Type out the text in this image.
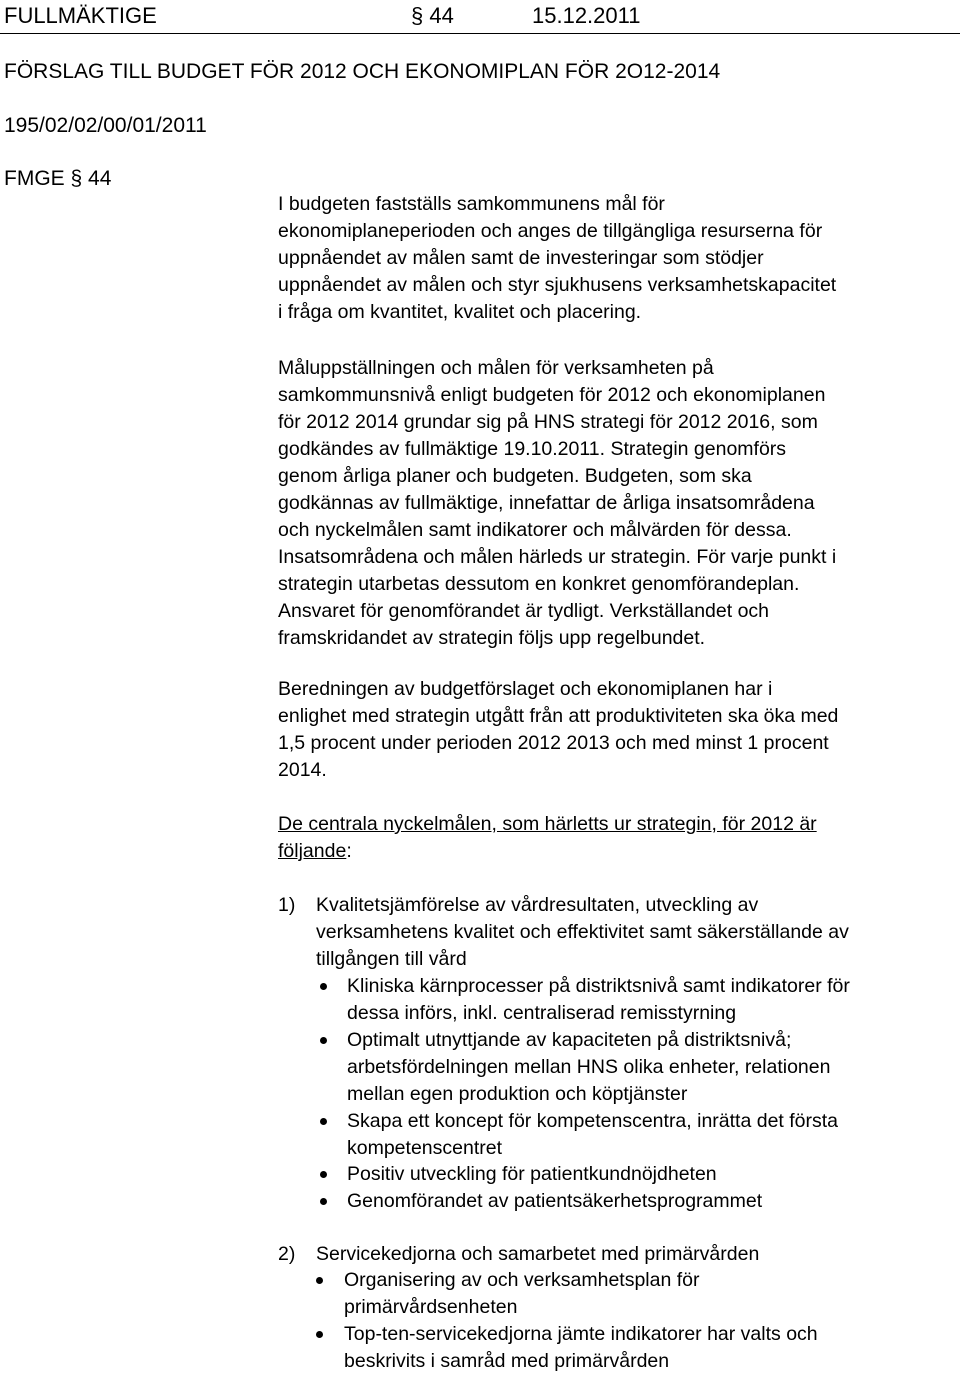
FULLMÄKTIGE	§ 44	15.12.2011
FÖRSLAG TILL BUDGET FÖR 2012 OCH EKONOMIPLAN FÖR 2O12-2014
195/02/02/00/01/2011
FMGE § 44
I budgeten fastställs samkommunens mål för
ekonomiplaneperioden och anges de tillgängliga resurserna för
uppnåendet av målen samt de investeringar som stödjer
uppnåendet av målen och styr sjukhusens verksamhetskapacitet
i fråga om kvantitet, kvalitet och placering.
Måluppställningen och målen för verksamheten på
samkommunsnivå enligt budgeten för 2012 och ekonomiplanen
för 2012 2014 grundar sig på HNS strategi för 2012 2016, som
godkändes av fullmäktige 19.10.2011. Strategin genomförs
genom årliga planer och budgeten. Budgeten, som ska
godkännas av fullmäktige, innefattar de årliga insatsområdena
och nyckelmålen samt indikatorer och målvärden för dessa.
Insatsområdena och målen härleds ur strategin. För varje punkt i
strategin utarbetas dessutom en konkret genomförandeplan.
Ansvaret för genomförandet är tydligt. Verkställandet och
framskridandet av strategin följs upp regelbundet.
Beredningen av budgetförslaget och ekonomiplanen har i
enlighet med strategin utgått från att produktiviteten ska öka med
1,5 procent under perioden 2012 2013 och med minst 1 procent
2014.
De centrala nyckelmålen, som härletts ur strategin, för 2012 är
följande:
1) Kvalitetsjämförelse av vårdresultaten, utveckling av
verksamhetens kvalitet och effektivitet samt säkerställande av
tillgången till vård
Kliniska kärnprocesser på distriktsnivå samt indikatorer för
dessa införs, inkl. centraliserad remisstyrning
Optimalt utnyttjande av kapaciteten på distriktsnivå;
arbetsfördelningen mellan HNS olika enheter, relationen
mellan egen produktion och köptjänster
Skapa ett koncept för kompetenscentra, inrätta det första
kompetenscentret
Positiv utveckling för patientkundnöjdheten
Genomförandet av patientsäkerhetsprogrammet
2) Servicekedjorna och samarbetet med primärvården
Organisering av och verksamhetsplan för
primärvårdsenheten
Top-ten-servicekedjorna jämte indikatorer har valts och
beskrivits i samråd med primärvården
